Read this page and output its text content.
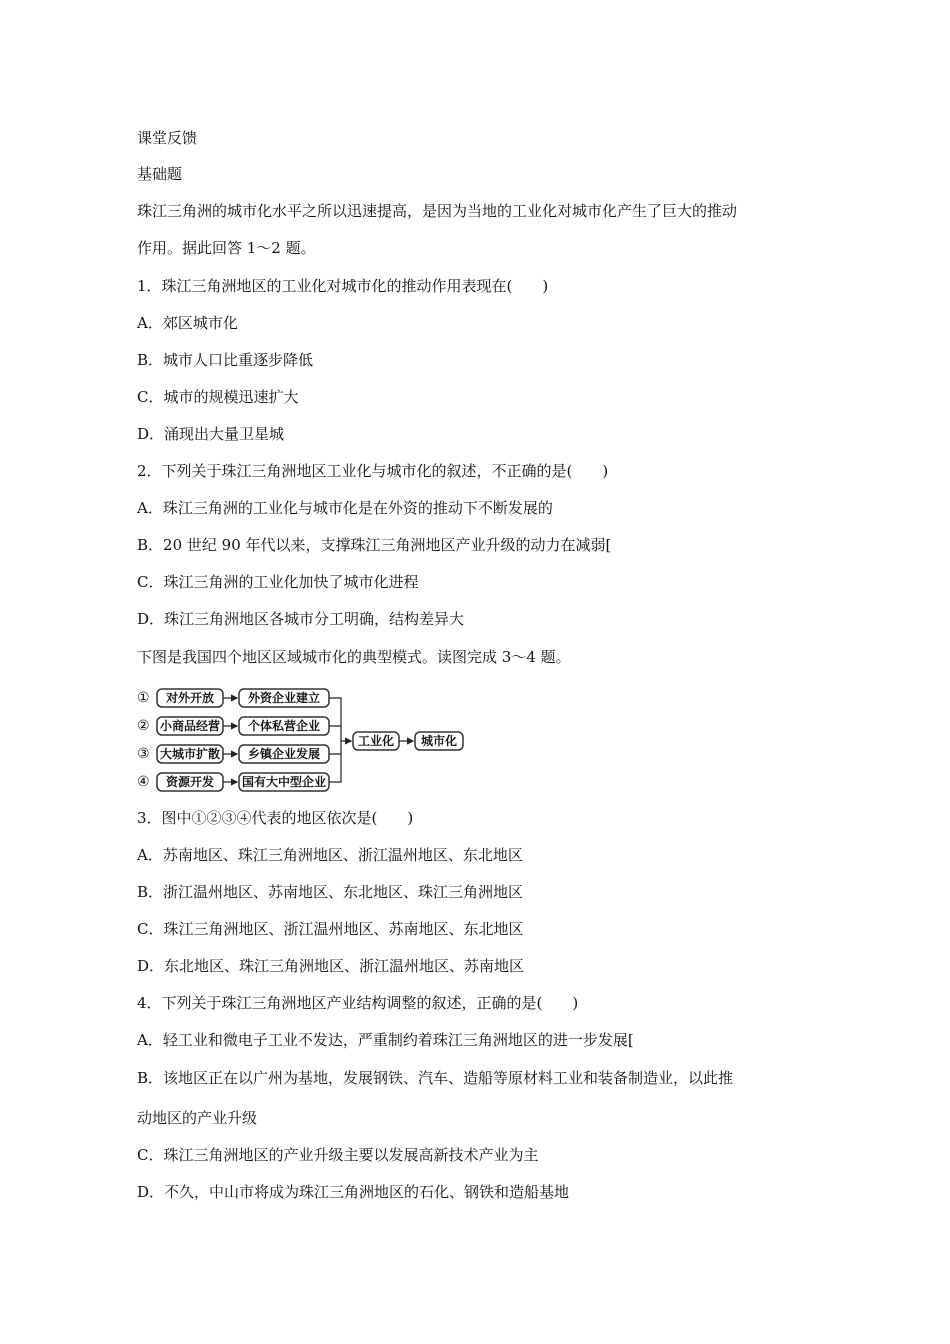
课堂反馈
基础题
珠江三角洲的城市化水平之所以迅速提高，是因为当地的工业化对城市化产生了巨大的推动
作用。据此回答 1～2 题。
1．珠江三角洲地区的工业化对城市化的推动作用表现在(　　)
A．郊区城市化
B．城市人口比重逐步降低
C．城市的规模迅速扩大
D．涌现出大量卫星城
2．下列关于珠江三角洲地区工业化与城市化的叙述，不正确的是(　　)
A．珠江三角洲的工业化与城市化是在外资的推动下不断发展的
B．20 世纪 90 年代以来，支撑珠江三角洲地区产业升级的动力在减弱[
C．珠江三角洲的工业化加快了城市化进程
D．珠江三角洲地区各城市分工明确，结构差异大
下图是我国四个地区区域城市化的典型模式。读图完成 3～4 题。
① 对外开放	外资企业建立
② 小商品经营 个体私营企业
③ 大城市扩散 乡镇企业发展
④ 资源开发 国有大中型企业
工业化 城市化
3．图中①②③④代表的地区依次是(　　)
A．苏南地区、珠江三角洲地区、浙江温州地区、东北地区
B．浙江温州地区、苏南地区、东北地区、珠江三角洲地区
C．珠江三角洲地区、浙江温州地区、苏南地区、东北地区
D．东北地区、珠江三角洲地区、浙江温州地区、苏南地区
4．下列关于珠江三角洲地区产业结构调整的叙述，正确的是(　　)
A．轻工业和微电子工业不发达，严重制约着珠江三角洲地区的进一步发展[
B．该地区正在以广州为基地，发展钢铁、汽车、造船等原材料工业和装备制造业，以此推
动地区的产业升级
C．珠江三角洲地区的产业升级主要以发展高新技术产业为主
D．不久，中山市将成为珠江三角洲地区的石化、钢铁和造船基地
